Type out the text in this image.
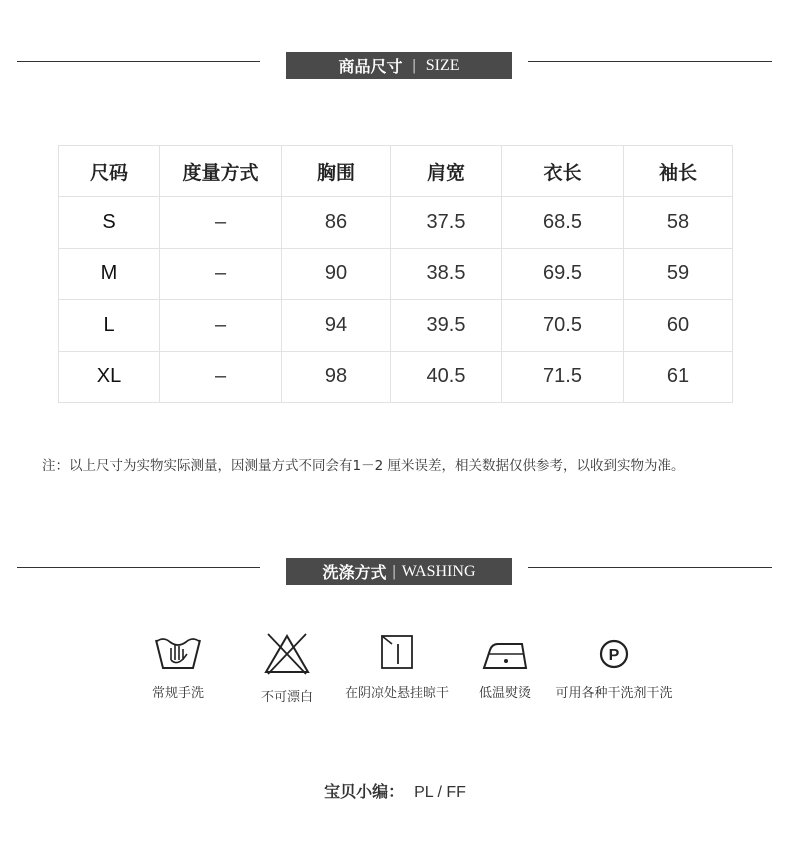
商品尺寸 | SIZE
尺码	度量方式	胸围	肩宽	衣长	袖长
S	–	86	37.5	68.5	58
M	–	90	38.5	69.5	59
L	–	94	39.5	70.5	60
XL	–	98	40.5	71.5	61
注：以上尺寸为实物实际测量，因测量方式不同会有1－2 厘米误差，相关数据仅供参考，以收到实物为准。
洗涤方式 | WASHING
常规手洗	不可漂白	在阴凉处悬挂晾干	低温熨烫
P
可用各种干洗剂干洗
宝贝小编： PL / FF
